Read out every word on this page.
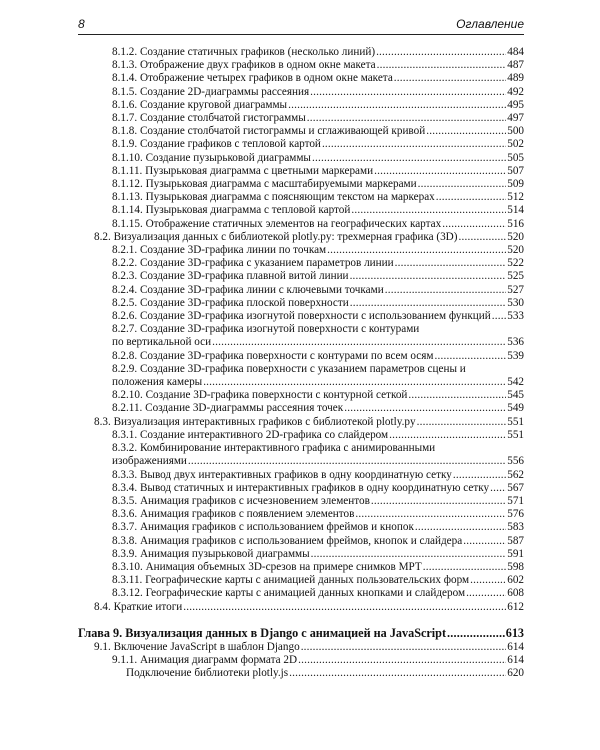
8	Оглавление
8.1.2. Создание статичных графиков (несколько линий) .....	484
8.1.3. Отображение двух графиков в одном окне макета .....	487
8.1.4. Отображение четырех графиков в одном окне макета .....	489
8.1.5. Создание 2D-диаграммы рассеяния .....	492
8.1.6. Создание круговой диаграммы .....	495
8.1.7. Создание столбчатой гистограммы .....	497
8.1.8. Создание столбчатой гистограммы и сглаживающей кривой .....	500
8.1.9. Создание графиков с тепловой картой .....	502
8.1.10. Создание пузырьковой диаграммы .....	505
8.1.11. Пузырьковая диаграмма с цветными маркерами .....	507
8.1.12. Пузырьковая диаграмма с масштабируемыми маркерами .....	509
8.1.13. Пузырьковая диаграмма с поясняющим текстом на маркерах .....	512
8.1.14. Пузырьковая диаграмма с тепловой картой .....	514
8.1.15. Отображение статичных элементов на географических картах .....	516
8.2. Визуализация данных с библиотекой plotly.py: трехмерная графика (3D) .....	520
8.2.1. Создание 3D-графика линии по точкам .....	520
8.2.2. Создание 3D-графика с указанием параметров линии .....	522
8.2.3. Создание 3D-графика плавной витой линии .....	525
8.2.4. Создание 3D-графика линии с ключевыми точками .....	527
8.2.5. Создание 3D-графика плоской поверхности .....	530
8.2.6. Создание 3D-графика изогнутой поверхности с использованием функций ..... 533
8.2.7. Создание 3D-графика изогнутой поверхности с контурами
по вертикальной оси .....	536
8.2.8. Создание 3D-графика поверхности с контурами по всем осям .....	539
8.2.9. Создание 3D-графика поверхности с указанием параметров сцены и
положения камеры .....	542
8.2.10. Создание 3D-графика поверхности с контурной сеткой .....	545
8.2.11. Создание 3D-диаграммы рассеяния точек .....	549
8.3. Визуализация интерактивных графиков с библиотекой plotly.py .....	551
8.3.1. Создание интерактивного 2D-графика со слайдером .....	551
8.3.2. Комбинирование интерактивного графика с анимированными
изображениями .....	556
8.3.3. Вывод двух интерактивных графиков в одну координатную сетку .....	562
8.3.4. Вывод статичных и интерактивных графиков в одну координатную сетку ..... 567
8.3.5. Анимация графиков с исчезновением элементов .....	571
8.3.6. Анимация графиков с появлением элементов .....	576
8.3.7. Анимация графиков с использованием фреймов и кнопок .....	583
8.3.8. Анимация графиков с использованием фреймов, кнопок и слайдера .....	587
8.3.9. Анимация пузырьковой диаграммы .....	591
8.3.10. Анимация объемных 3D-срезов на примере снимков МРТ .....	598
8.3.11. Географические карты с анимацией данных пользовательских форм .....	602
8.3.12. Географические карты с анимацией данных кнопками и слайдером .....	608
8.4. Краткие итоги .....	612
Глава 9. Визуализация данных в Django с анимацией на JavaScript .....	613
9.1. Включение JavaScript в шаблон Django .....	614
9.1.1. Анимация диаграмм формата 2D .....	614
Подключение библиотеки plotly.js .....	620
